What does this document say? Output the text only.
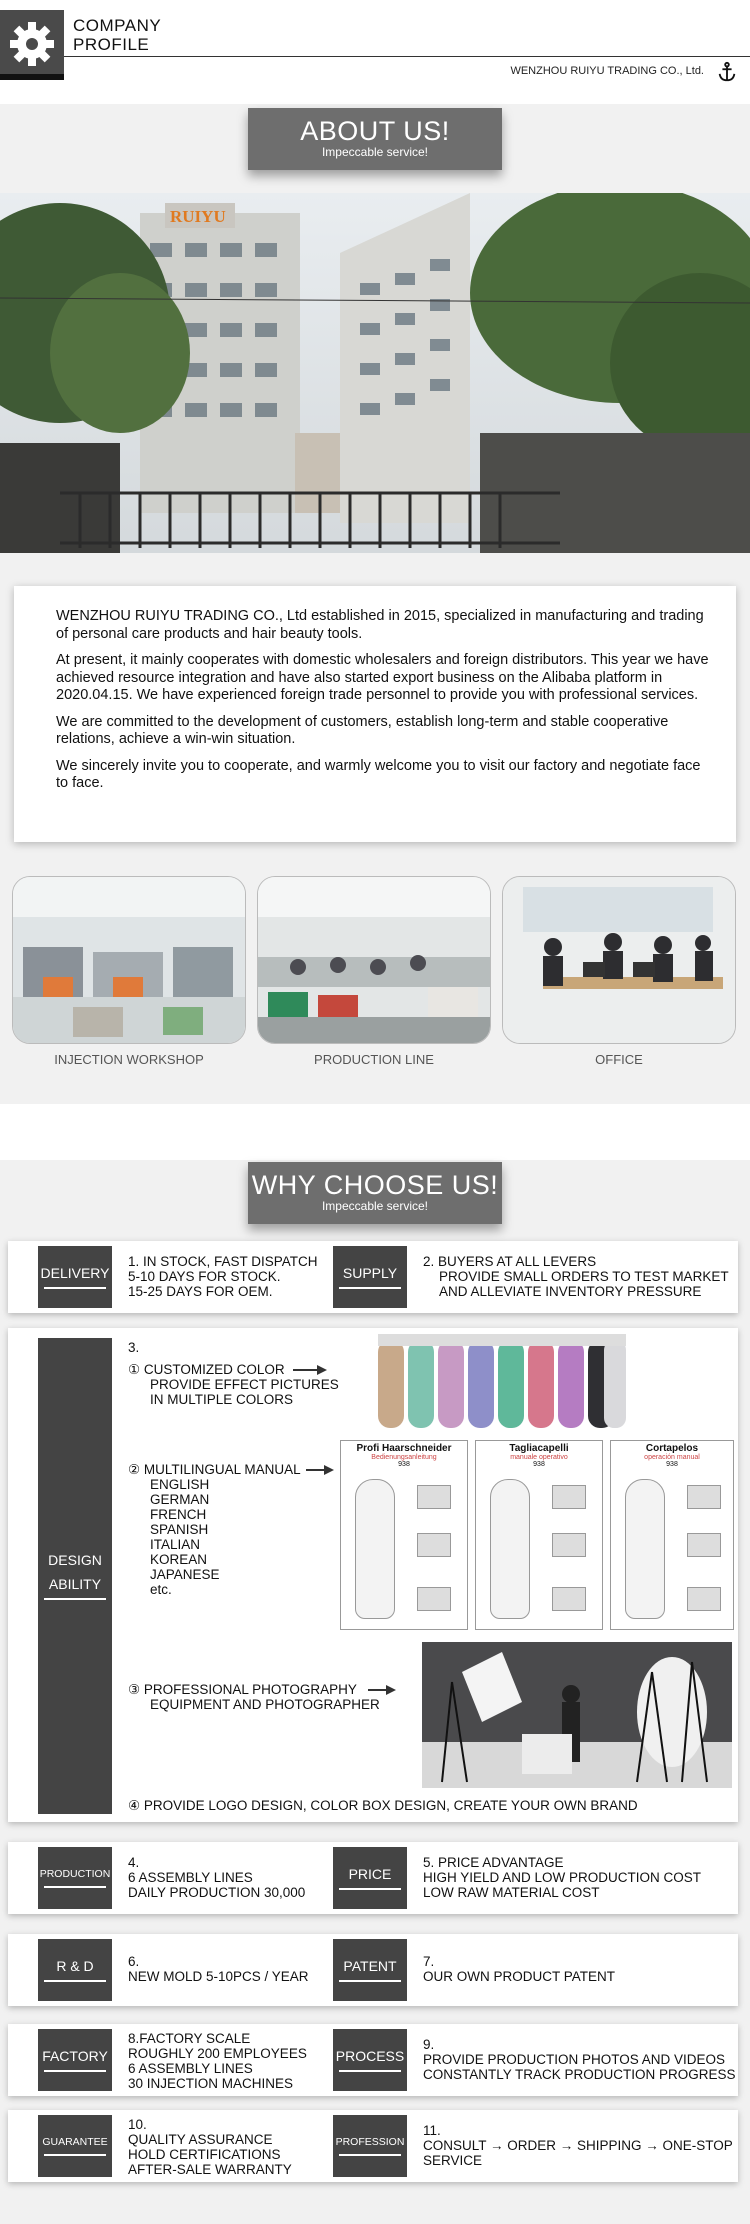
COMPANY
PROFILE
WENZHOU RUIYU TRADING CO., Ltd.
ABOUT US!
Impeccable service!
RUIYU

WENZHOU RUIYU TRADING CO., Ltd established in 2015, specialized in manufacturing and trading of personal care products and hair beauty tools.

At present, it mainly cooperates with domestic wholesalers and foreign distributors. This year we have achieved resource integration and have also started export business on the Alibaba platform in 2020.04.15. We have experienced foreign trade personnel to provide you with professional services.

We are committed to the development of customers, establish long-term and stable cooperative relations, achieve a win-win situation.

We sincerely invite you to cooperate, and warmly welcome you to visit our factory and negotiate face to face.

INJECTION WORKSHOP	PRODUCTION LINE	OFFICE
WHY CHOOSE US!
Impeccable service!
DELIVERY
1. IN STOCK, FAST DISPATCH
5-10 DAYS FOR STOCK.
15-25 DAYS FOR OEM.
SUPPLY
2. BUYERS AT ALL LEVERS
PROVIDE SMALL ORDERS TO TEST MARKET
AND ALLEVIATE INVENTORY PRESSURE
DESIGN
ABILITY
3.
① CUSTOMIZED COLOR
PROVIDE EFFECT PICTURES
IN MULTIPLE COLORS
② MULTILINGUAL MANUAL
ENGLISH
GERMAN
FRENCH
SPANISH
ITALIAN
KOREAN
JAPANESE
etc.
Profi Haarschneider
Bedienungsanleitung
938
Tagliacapelli
manuale operativo
938
Cortapelos
operación manual
938
③ PROFESSIONAL PHOTOGRAPHY
EQUIPMENT AND PHOTOGRAPHER
④ PROVIDE LOGO DESIGN, COLOR BOX DESIGN, CREATE YOUR OWN BRAND
PRODUCTION
4.
6 ASSEMBLY LINES
DAILY PRODUCTION 30,000
PRICE
5. PRICE ADVANTAGE
HIGH YIELD AND LOW PRODUCTION COST
LOW RAW MATERIAL COST
R & D	6.
NEW MOLD 5-10PCS / YEAR
PATENT 7.
OUR OWN PRODUCT PATENT
FACTORY
8.FACTORY SCALE
ROUGHLY 200 EMPLOYEES
6 ASSEMBLY LINES
30 INJECTION MACHINES
PROCESS
9.
PROVIDE PRODUCTION PHOTOS AND VIDEOS
CONSTANTLY TRACK PRODUCTION PROGRESS
GUARANTEE
10.
QUALITY ASSURANCE
HOLD CERTIFICATIONS
AFTER-SALE WARRANTY
PROFESSION
11.
CONSULT → ORDER → SHIPPING → ONE-STOP
SERVICE
